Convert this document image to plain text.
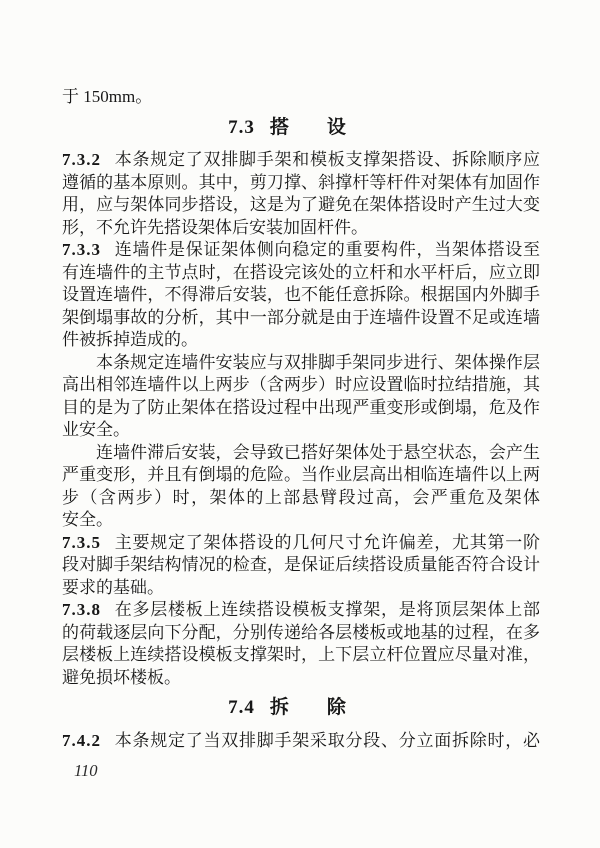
于 150mm。
7.3 搭　　设
7.3.2 本条规定了双排脚手架和模板支撑架搭设、拆除顺序应
遵循的基本原则。其中，剪刀撑、斜撑杆等杆件对架体有加固作
用，应与架体同步搭设，这是为了避免在架体搭设时产生过大变
形，不允许先搭设架体后安装加固杆件。
7.3.3 连墙件是保证架体侧向稳定的重要构件，当架体搭设至
有连墙件的主节点时，在搭设完该处的立杆和水平杆后，应立即
设置连墙件，不得滞后安装，也不能任意拆除。根据国内外脚手
架倒塌事故的分析，其中一部分就是由于连墙件设置不足或连墙
件被拆掉造成的。
本条规定连墙件安装应与双排脚手架同步进行、架体操作层
高出相邻连墙件以上两步（含两步）时应设置临时拉结措施，其
目的是为了防止架体在搭设过程中出现严重变形或倒塌，危及作
业安全。
连墙件滞后安装，会导致已搭好架体处于悬空状态，会产生
严重变形，并且有倒塌的危险。当作业层高出相临连墙件以上两
步（含两步）时，架体的上部悬臂段过高，会严重危及架体
安全。
7.3.5 主要规定了架体搭设的几何尺寸允许偏差，尤其第一阶
段对脚手架结构情况的检查，是保证后续搭设质量能否符合设计
要求的基础。
7.3.8 在多层楼板上连续搭设模板支撑架，是将顶层架体上部
的荷载逐层向下分配，分别传递给各层楼板或地基的过程，在多
层楼板上连续搭设模板支撑架时，上下层立杆位置应尽量对准，
避免损坏楼板。
7.4 拆　　除
7.4.2 本条规定了当双排脚手架采取分段、分立面拆除时，必
110
